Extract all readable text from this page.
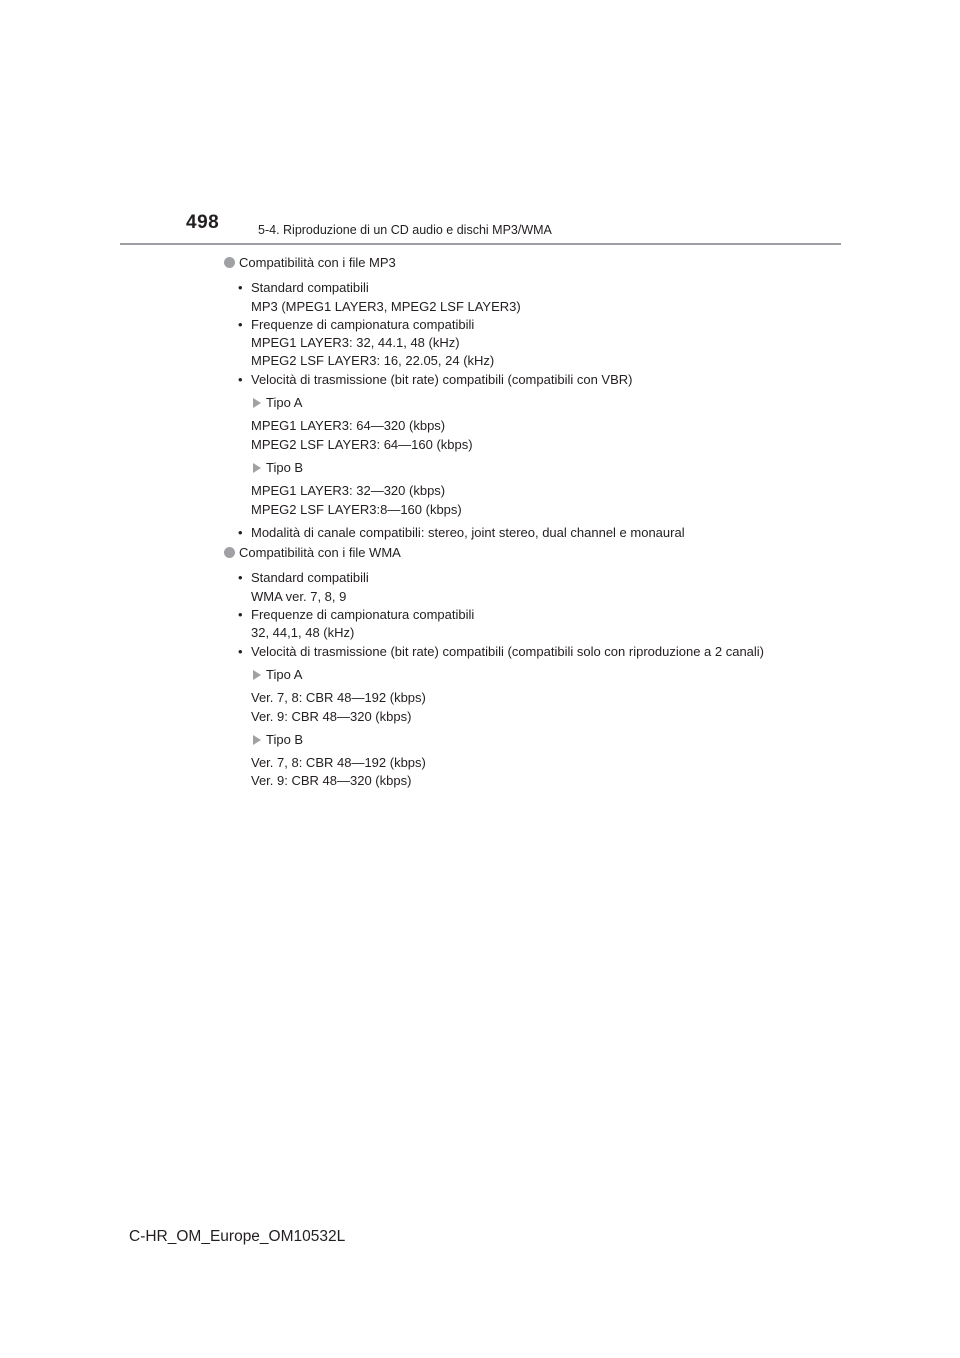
498	5-4. Riproduzione di un CD audio e dischi MP3/WMA
Compatibilità con i file MP3
• Standard compatibili
MP3 (MPEG1 LAYER3, MPEG2 LSF LAYER3)
• Frequenze di campionatura compatibili
MPEG1 LAYER3: 32, 44.1, 48 (kHz)
MPEG2 LSF LAYER3: 16, 22.05, 24 (kHz)
• Velocità di trasmissione (bit rate) compatibili (compatibili con VBR)
Tipo A
MPEG1 LAYER3: 64—320 (kbps)
MPEG2 LSF LAYER3: 64—160 (kbps)
Tipo B
MPEG1 LAYER3: 32—320 (kbps)
MPEG2 LSF LAYER3:8—160 (kbps)
• Modalità di canale compatibili: stereo, joint stereo, dual channel e monaural
Compatibilità con i file WMA
• Standard compatibili
WMA ver. 7, 8, 9
• Frequenze di campionatura compatibili
32, 44,1, 48 (kHz)
• Velocità di trasmissione (bit rate) compatibili (compatibili solo con riproduzione a 2 canali)
Tipo A
Ver. 7, 8: CBR 48—192 (kbps)
Ver. 9: CBR 48—320 (kbps)
Tipo B
Ver. 7, 8: CBR 48—192 (kbps)
Ver. 9: CBR 48—320 (kbps)
C-HR_OM_Europe_OM10532L
